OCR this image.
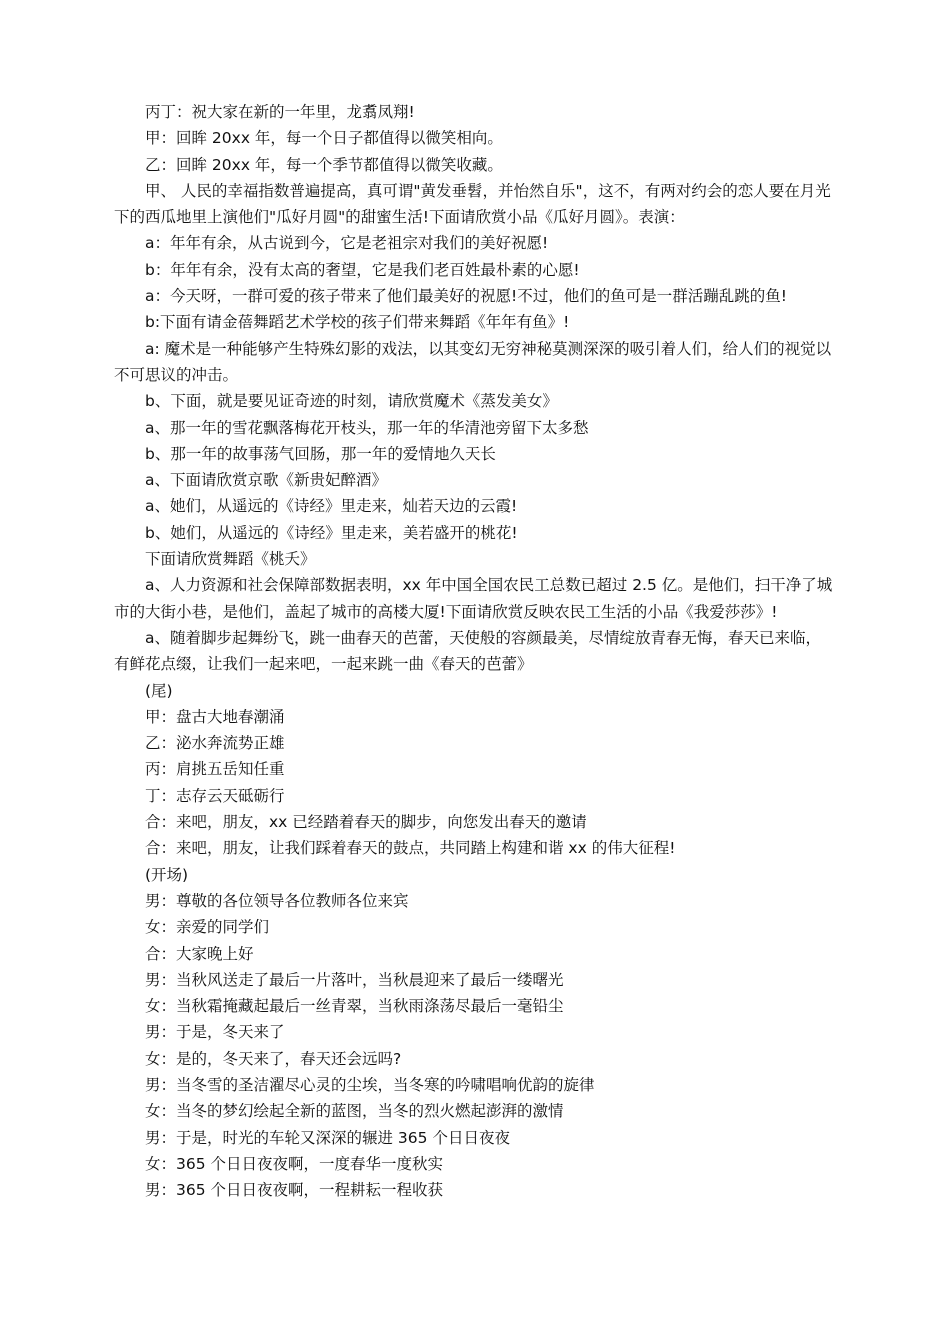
丙丁：祝大家在新的一年里，龙翥凤翔!

甲：回眸 20xx 年，每一个日子都值得以微笑相向。

乙：回眸 20xx 年，每一个季节都值得以微笑收藏。

甲、 人民的幸福指数普遍提高，真可谓"黄发垂髫，并怡然自乐"，这不，有两对约会的恋人要在月光下的西瓜地里上演他们"瓜好月圆"的甜蜜生活!下面请欣赏小品《瓜好月圆》。表演：

a：年年有余，从古说到今，它是老祖宗对我们的美好祝愿!

b：年年有余，没有太高的奢望，它是我们老百姓最朴素的心愿!

a：今天呀，一群可爱的孩子带来了他们最美好的祝愿!不过，他们的鱼可是一群活蹦乱跳的鱼!

b:下面有请金蓓舞蹈艺术学校的孩子们带来舞蹈《年年有鱼》!

a: 魔术是一种能够产生特殊幻影的戏法，以其变幻无穷神秘莫测深深的吸引着人们，给人们的视觉以不可思议的冲击。

b、下面，就是要见证奇迹的时刻，请欣赏魔术《蒸发美女》

a、那一年的雪花飘落梅花开枝头，那一年的华清池旁留下太多愁

b、那一年的故事荡气回肠，那一年的爱情地久天长

a、下面请欣赏京歌《新贵妃醉酒》

a、她们，从遥远的《诗经》里走来，灿若天边的云霞!

b、她们，从遥远的《诗经》里走来，美若盛开的桃花!

下面请欣赏舞蹈《桃夭》

a、人力资源和社会保障部数据表明，xx 年中国全国农民工总数已超过 2.5 亿。是他们，扫干净了城市的大街小巷，是他们，盖起了城市的高楼大厦!下面请欣赏反映农民工生活的小品《我爱莎莎》!

a、随着脚步起舞纷飞，跳一曲春天的芭蕾，天使般的容颜最美，尽情绽放青春无悔，春天已来临，有鲜花点缀，让我们一起来吧，一起来跳一曲《春天的芭蕾》

(尾)

甲：盘古大地春潮涌

乙：泌水奔流势正雄

丙：肩挑五岳知任重

丁：志存云天砥砺行

合：来吧，朋友，xx 已经踏着春天的脚步，向您发出春天的邀请

合：来吧，朋友，让我们踩着春天的鼓点，共同踏上构建和谐 xx 的伟大征程!

(开场)

男：尊敬的各位领导各位教师各位来宾

女：亲爱的同学们

合：大家晚上好

男：当秋风送走了最后一片落叶，当秋晨迎来了最后一缕曙光

女：当秋霜掩藏起最后一丝青翠，当秋雨涤荡尽最后一毫铅尘

男：于是，冬天来了

女：是的，冬天来了，春天还会远吗?

男：当冬雪的圣洁濯尽心灵的尘埃，当冬寒的吟啸唱响优韵的旋律

女：当冬的梦幻绘起全新的蓝图，当冬的烈火燃起澎湃的激情

男：于是，时光的车轮又深深的辗进 365 个日日夜夜

女：365 个日日夜夜啊，一度春华一度秋实

男：365 个日日夜夜啊，一程耕耘一程收获
